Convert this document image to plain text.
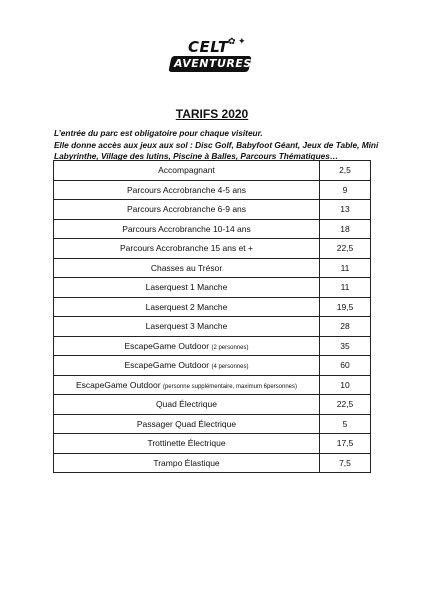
CELT ✿ ✦
AVENTURES
TARIFS 2020

L’entrée du parc est obligatoire pour chaque visiteur.

Elle donne accès aux jeux aux sol : Disc Golf, Babyfoot Géant, Jeux de Table, Mini Labyrinthe, Village des lutins, Piscine à Balles, Parcours Thématiques…

Accompagnant	2,5
Parcours Accrobranche 4-5 ans	9
Parcours Accrobranche 6-9 ans	13
Parcours Accrobranche 10-14 ans	18
Parcours Accrobranche 15 ans et +	22,5
Chasses au Trésor	11
Laserquest 1 Manche	11
Laserquest 2 Manche	19,5
Laserquest 3 Manche	28
EscapeGame Outdoor (2 personnes)	35
EscapeGame Outdoor (4 personnes)	60
EscapeGame Outdoor (personne supplémentaire, maximum 6personnes)	10
Quad Électrique	22,5
Passager Quad Électrique	5
Trottinette Électrique	17,5
Trampo Élastique	7,5
